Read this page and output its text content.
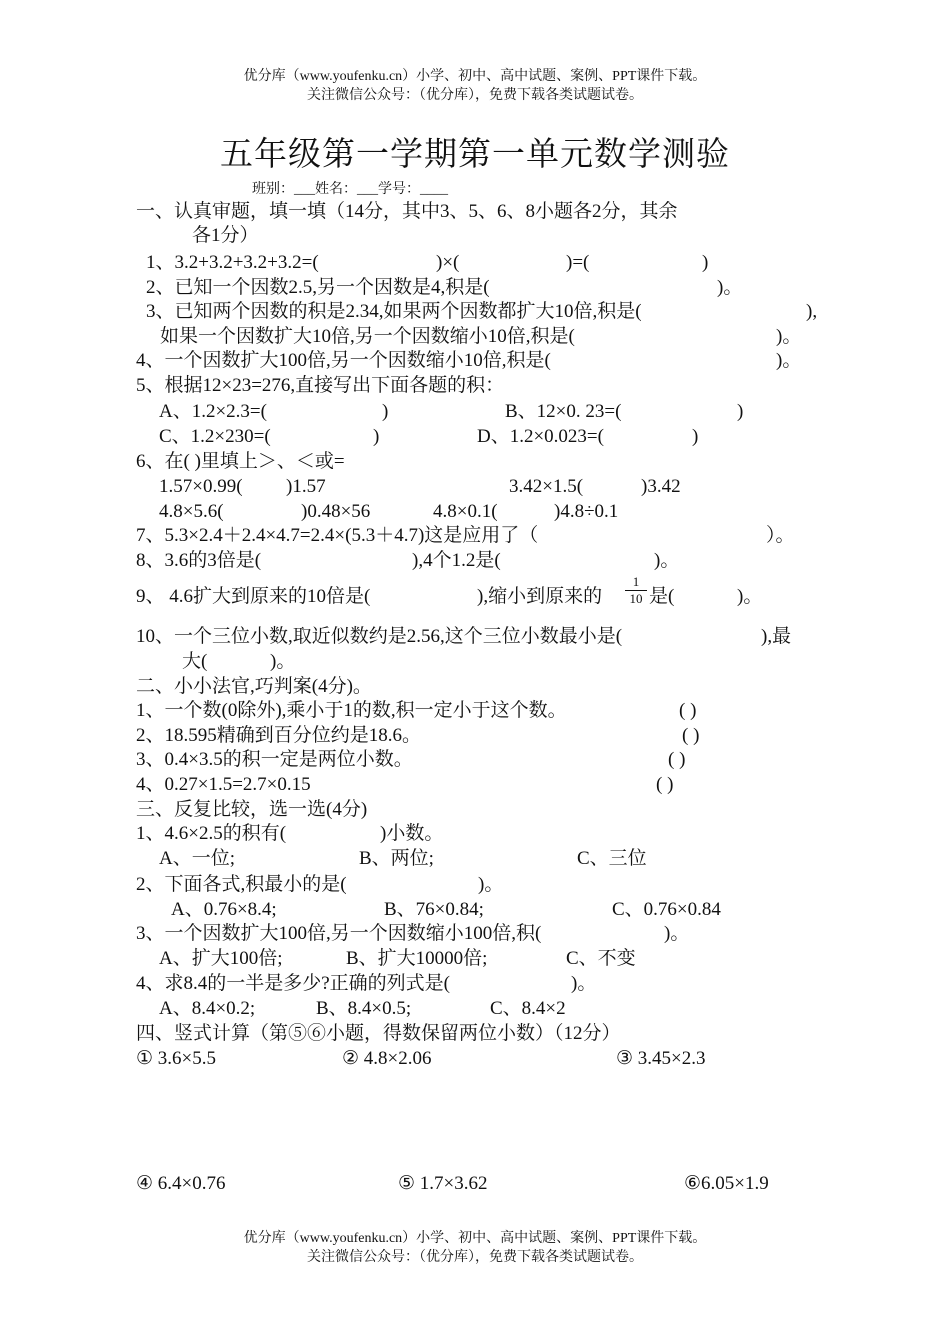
优分库（www.youfenku.cn）小学、初中、高中试题、案例、PPT课件下载。
关注微信公众号：（优分库），免费下载各类试题试卷。
五年级第一学期第一单元数学测验
班别：___姓名：___学号：____
一、认真审题，填一填（14分，其中3、5、6、8小题各2分，其余
各1分）
1、3.2+3.2+3.2+3.2=(	)×(	)=(	)
2、已知一个因数2.5,另一个因数是4,积是(	)。
3、已知两个因数的积是2.34,如果两个因数都扩大10倍,积是(	),
如果一个因数扩大10倍,另一个因数缩小10倍,积是(	)。
4、一个因数扩大100倍,另一个因数缩小10倍,积是(	)。
5、根据12×23=276,直接写出下面各题的积：
A、1.2×2.3=(	)	B、12×0. 23=(	)
C、1.2×230=(	)	D、1.2×0.023=(	)
6、在( )里填上＞、＜或=
1.57×0.99( )1.57	3.42×1.5(	)3.42
4.8×5.6(	)0.48×56	4.8×0.1(	)4.8÷0.1
7、5.3×2.4＋2.4×4.7=2.4×(5.3＋4.7)这是应用了（	）。
8、3.6的3倍是(	),4个1.2是(	)。
9、 4.6扩大到原来的10倍是(	),缩小到原来的
1
10 是(	)。
10、一个三位小数,取近似数约是2.56,这个三位小数最小是(	),最
大(	)。
二、小小法官,巧判案(4分)。
1、一个数(0除外),乘小于1的数,积一定小于这个数。	( )
2、18.595精确到百分位约是18.6。	( )
3、0.4×3.5的积一定是两位小数。	( )
4、0.27×1.5=2.7×0.15	( )
三、反复比较，选一选(4分)
1、4.6×2.5的积有(	)小数。
A、一位;	B、两位;	C、三位
2、下面各式,积最小的是(	)。
A、0.76×8.4;	B、76×0.84;	C、0.76×0.84
3、一个因数扩大100倍,另一个因数缩小100倍,积(	)。
A、扩大100倍;	B、扩大10000倍;	C、不变
4、求8.4的一半是多少?正确的列式是(	)。
A、8.4×0.2;	B、8.4×0.5;	C、8.4×2
四、竖式计算（第⑤⑥小题，得数保留两位小数）（12分）
① 3.6×5.5	② 4.8×2.06	③ 3.45×2.3
④ 6.4×0.76	⑤ 1.7×3.62	⑥6.05×1.9
优分库（www.youfenku.cn）小学、初中、高中试题、案例、PPT课件下载。
关注微信公众号：（优分库），免费下载各类试题试卷。
